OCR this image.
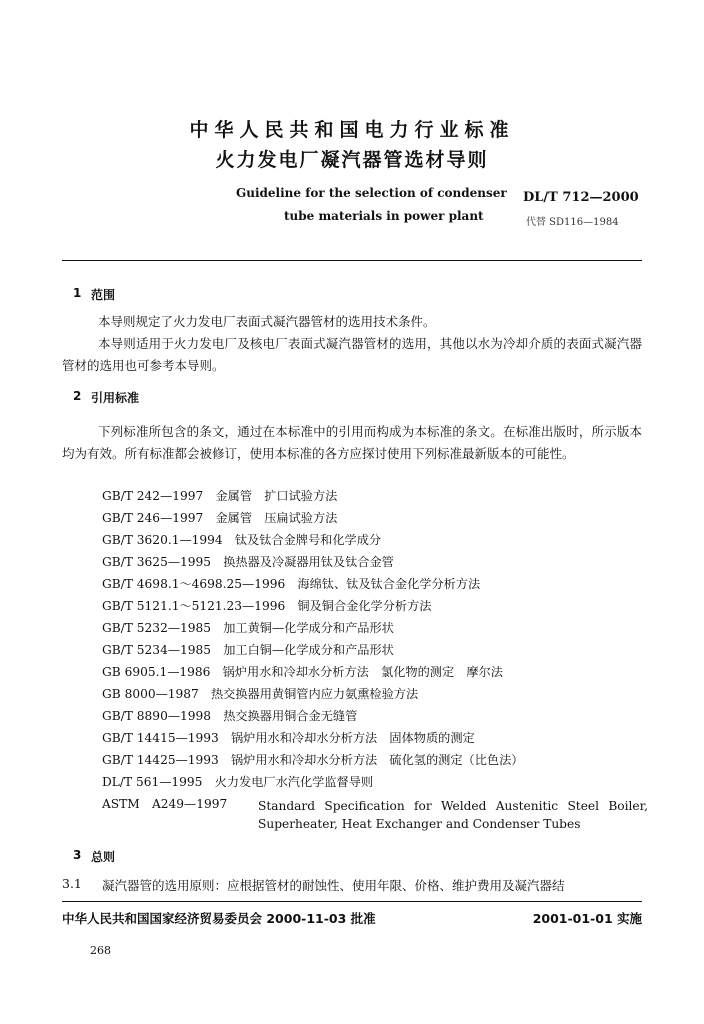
中华人民共和国电力行业标准
火力发电厂凝汽器管选材导则
Guideline for the selection of condenser
tube materials in power plant
DL/T 712—2000
代替 SD116—1984
1 范围
本导则规定了火力发电厂表面式凝汽器管材的选用技术条件。
本导则适用于火力发电厂及核电厂表面式凝汽器管材的选用，其他以水为冷却介质的表面式凝汽器管材的选用也可参考本导则。
2 引用标准
下列标准所包含的条文，通过在本标准中的引用而构成为本标准的条文。在标准出版时，所示版本均为有效。所有标准都会被修订，使用本标准的各方应探讨使用下列标准最新版本的可能性。
GB/T 242—1997　金属管　扩口试验方法
GB/T 246—1997　金属管　压扁试验方法
GB/T 3620.1—1994　钛及钛合金牌号和化学成分
GB/T 3625—1995　换热器及冷凝器用钛及钛合金管
GB/T 4698.1～4698.25—1996　海绵钛、钛及钛合金化学分析方法
GB/T 5121.1～5121.23—1996　铜及铜合金化学分析方法
GB/T 5232—1985　加工黄铜—化学成分和产品形状
GB/T 5234—1985　加工白铜—化学成分和产品形状
GB 6905.1—1986　锅炉用水和冷却水分析方法　氯化物的测定　摩尔法
GB 8000—1987　热交换器用黄铜管内应力氨熏检验方法
GB/T 8890—1998　热交换器用铜合金无缝管
GB/T 14415—1993　锅炉用水和冷却水分析方法　固体物质的测定
GB/T 14425—1993　锅炉用水和冷却水分析方法　硫化氢的测定（比色法）
DL/T 561—1995　火力发电厂水汽化学监督导则
ASTM　A249—1997	Standard Specification for Welded Austenitic Steel Boiler,
Superheater, Heat Exchanger and Condenser Tubes
3 总则
3.1 凝汽器管的选用原则：应根据管材的耐蚀性、使用年限、价格、维护费用及凝汽器结
中华人民共和国国家经济贸易委员会 2000-11-03 批准	2001-01-01 实施
268
